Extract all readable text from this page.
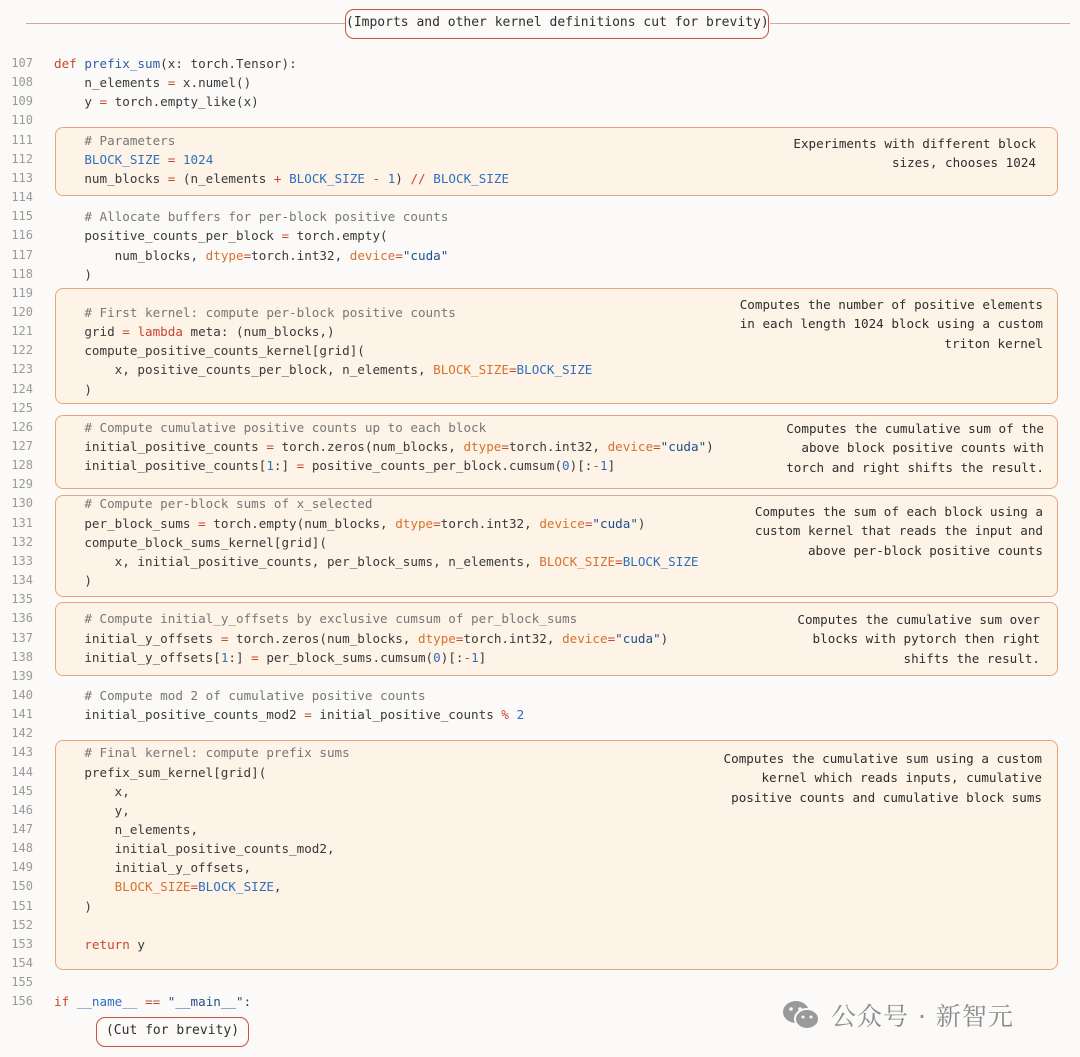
(Imports and other kernel definitions cut for brevity)
Experiments with different block
sizes, chooses 1024
Computes the number of positive elements
in each length 1024 block using a custom
triton kernel
Computes the cumulative sum of the
above block positive counts with
torch and right shifts the result.
Computes the sum of each block using a
custom kernel that reads the input and
above per-block positive counts
Computes the cumulative sum over
blocks with pytorch then right
shifts the result.
Computes the cumulative sum using a custom
kernel which reads inputs, cumulative
positive counts and cumulative block sums
107 def prefix_sum(x: torch.Tensor):
108 n_elements = x.numel()
109 y = torch.empty_like(x)
110
111	# Parameters
112	BLOCK_SIZE = 1024
113 num_blocks = (n_elements + BLOCK_SIZE - 1) // BLOCK_SIZE
114
115	# Allocate buffers for per-block positive counts
116 positive_counts_per_block = torch.empty(
117 num_blocks, dtype=torch.int32, device="cuda"
118 )
119
120	# First kernel: compute per-block positive counts
121 grid = lambda meta: (num_blocks,)
122 compute_positive_counts_kernel[grid](
123 x, positive_counts_per_block, n_elements, BLOCK_SIZE=BLOCK_SIZE
124 )
125
126	# Compute cumulative positive counts up to each block
127 initial_positive_counts = torch.zeros(num_blocks, dtype=torch.int32, device="cuda")
128 initial_positive_counts[1:] = positive_counts_per_block.cumsum(0)[:-1]
129
130	# Compute per-block sums of x_selected
131 per_block_sums = torch.empty(num_blocks, dtype=torch.int32, device="cuda")
132 compute_block_sums_kernel[grid](
133 x, initial_positive_counts, per_block_sums, n_elements, BLOCK_SIZE=BLOCK_SIZE
134 )
135
136	# Compute initial_y_offsets by exclusive cumsum of per_block_sums
137 initial_y_offsets = torch.zeros(num_blocks, dtype=torch.int32, device="cuda")
138 initial_y_offsets[1:] = per_block_sums.cumsum(0)[:-1]
139
140	# Compute mod 2 of cumulative positive counts
141 initial_positive_counts_mod2 = initial_positive_counts % 2
142
143	# Final kernel: compute prefix sums
144 prefix_sum_kernel[grid](
145 x,
146 y,
147 n_elements,
148 initial_positive_counts_mod2,
149 initial_y_offsets,
150	BLOCK_SIZE=BLOCK_SIZE,
151 )
152
153	return y
154
155
156 if __name__ == "__main__":
(Cut for brevity)	公众号 · 新智元
